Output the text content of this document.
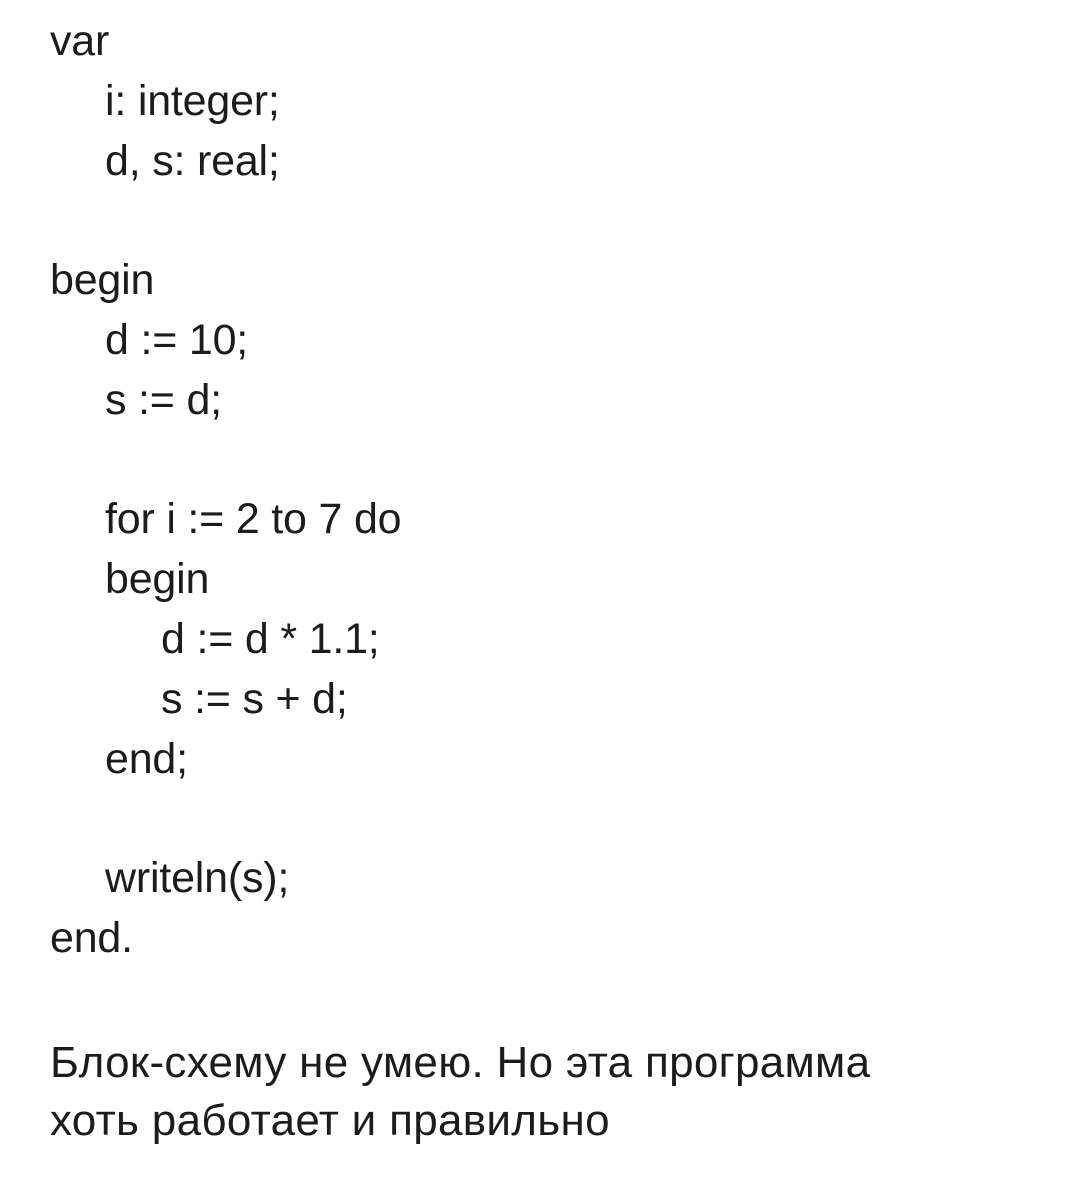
var
i: integer;
d, s: real;
begin
d := 10;
s := d;
for i := 2 to 7 do
begin
d := d * 1.1;
s := s + d;
end;
writeln(s);
end.
Блок-схему не умею. Но эта программа
хоть работает и правильно
